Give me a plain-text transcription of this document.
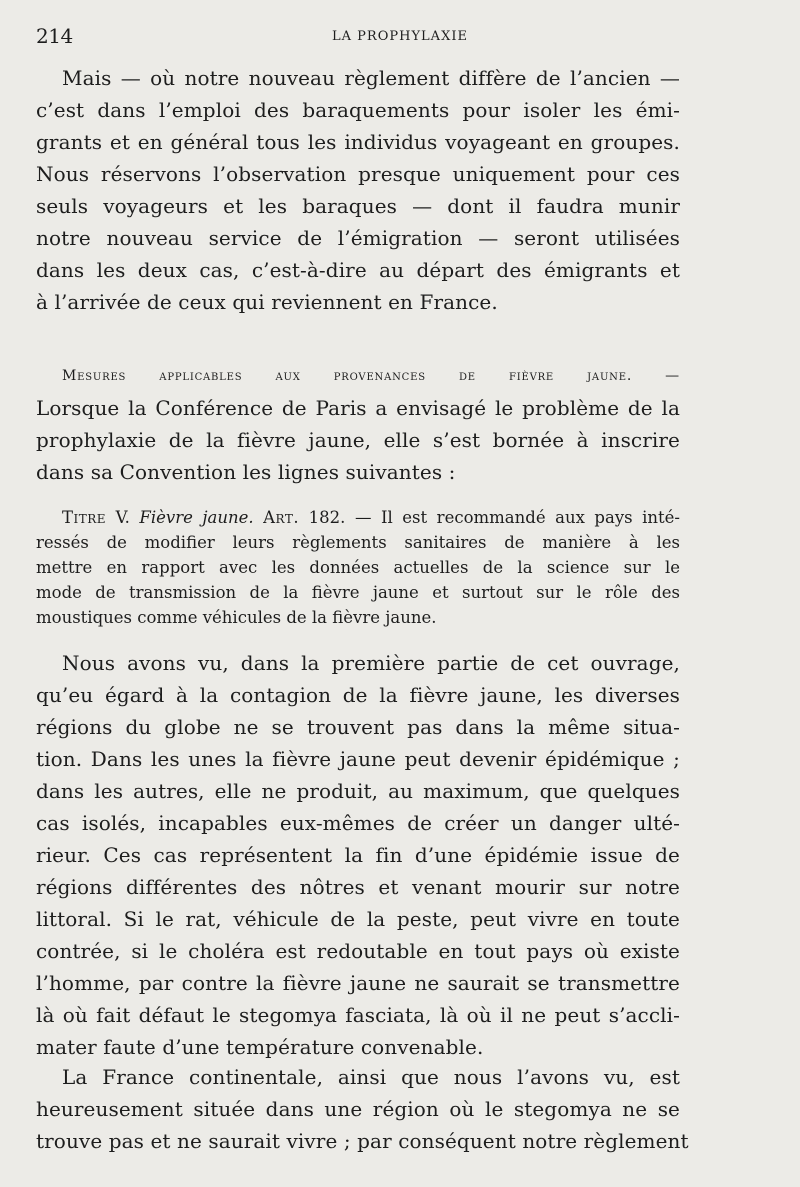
214	LA PROPHYLAXIE
Mais — où notre nouveau règlement diffère de l’ancien —
c’est dans l’emploi des baraquements pour isoler les émi-
grants et en général tous les individus voyageant en groupes.
Nous réservons l’observation presque uniquement pour ces
seuls voyageurs et les baraques — dont il faudra munir
notre nouveau service de l’émigration — seront utilisées
dans les deux cas, c’est-à-dire au départ des émigrants et
à l’arrivée de ceux qui reviennent en France.
Mesures applicables aux provenances de fièvre jaune. —
Lorsque la Conférence de Paris a envisagé le problème de la
prophylaxie de la fièvre jaune, elle s’est bornée à inscrire
dans sa Convention les lignes suivantes :
Titre V. Fièvre jaune. Art. 182. — Il est recommandé aux pays inté-
ressés de modifier leurs règlements sanitaires de manière à les
mettre en rapport avec les données actuelles de la science sur le
mode de transmission de la fièvre jaune et surtout sur le rôle des
moustiques comme véhicules de la fièvre jaune.
Nous avons vu, dans la première partie de cet ouvrage,
qu’eu égard à la contagion de la fièvre jaune, les diverses
régions du globe ne se trouvent pas dans la même situa-
tion. Dans les unes la fièvre jaune peut devenir épidémique ;
dans les autres, elle ne produit, au maximum, que quelques
cas isolés, incapables eux-mêmes de créer un danger ulté-
rieur. Ces cas représentent la fin d’une épidémie issue de
régions différentes des nôtres et venant mourir sur notre
littoral. Si le rat, véhicule de la peste, peut vivre en toute
contrée, si le choléra est redoutable en tout pays où existe
l’homme, par contre la fièvre jaune ne saurait se transmettre
là où fait défaut le stegomya fasciata, là où il ne peut s’accli-
mater faute d’une température convenable.
La France continentale, ainsi que nous l’avons vu, est
heureusement située dans une région où le stegomya ne se
trouve pas et ne saurait vivre ; par conséquent notre règlement
